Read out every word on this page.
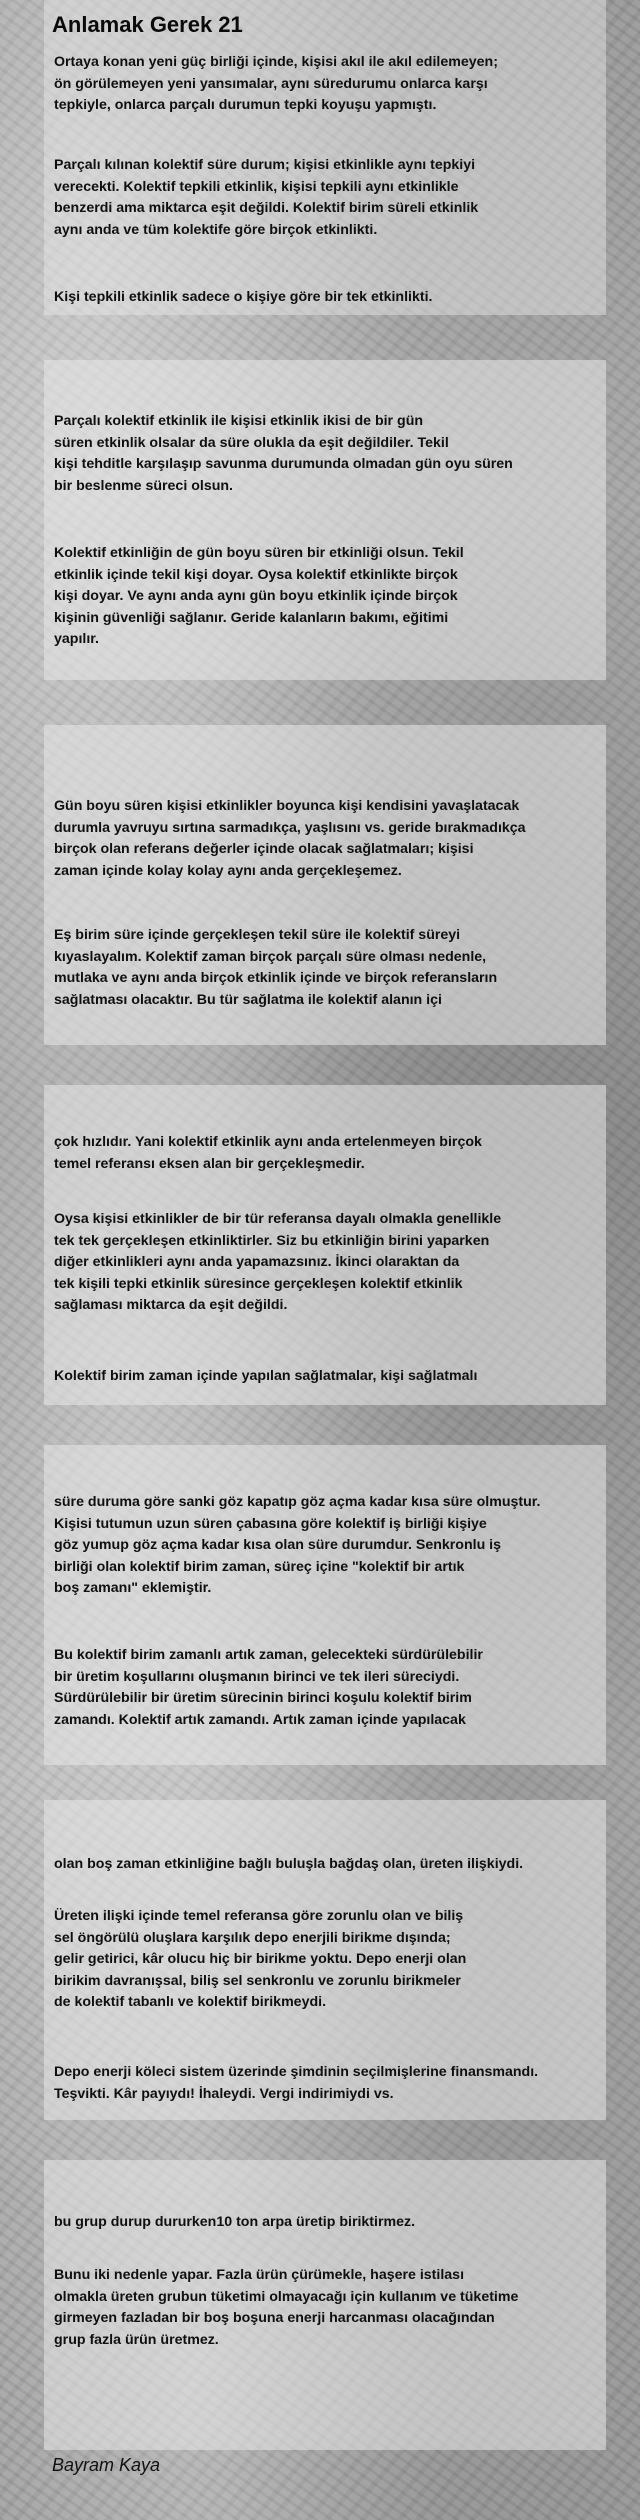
Anlamak Gerek 21

Ortaya konan yeni güç birliği içinde, kişisi akıl ile akıl edilemeyen;
ön görülemeyen yeni yansımalar, aynı süredurumu onlarca karşı
tepkiyle, onlarca parçalı durumun tepki koyuşu yapmıştı.

Parçalı kılınan kolektif süre durum; kişisi etkinlikle aynı tepkiyi
verecekti. Kolektif tepkili etkinlik, kişisi tepkili aynı etkinlikle
benzerdi ama miktarca eşit değildi. Kolektif birim süreli etkinlik
aynı anda ve tüm kolektife göre birçok etkinlikti.

Kişi tepkili etkinlik sadece o kişiye göre bir tek etkinlikti.

Parçalı kolektif etkinlik ile kişisi etkinlik ikisi de bir gün
süren etkinlik olsalar da süre olukla da eşit değildiler. Tekil
kişi tehditle karşılaşıp savunma durumunda olmadan gün oyu süren
bir beslenme süreci olsun.

Kolektif etkinliğin de gün boyu süren bir etkinliği olsun. Tekil
etkinlik içinde tekil kişi doyar. Oysa kolektif etkinlikte birçok
kişi doyar. Ve aynı anda aynı gün boyu etkinlik içinde birçok
kişinin güvenliği sağlanır. Geride kalanların bakımı, eğitimi
yapılır.

Gün boyu süren kişisi etkinlikler boyunca kişi kendisini yavaşlatacak
durumla yavruyu sırtına sarmadıkça, yaşlısını vs. geride bırakmadıkça
birçok olan referans değerler içinde olacak sağlatmaları; kişisi
zaman içinde kolay kolay aynı anda gerçekleşemez.

Eş birim süre içinde gerçekleşen tekil süre ile kolektif süreyi
kıyaslayalım. Kolektif zaman birçok parçalı süre olması nedenle,
mutlaka ve aynı anda birçok etkinlik içinde ve birçok referansların
sağlatması olacaktır. Bu tür sağlatma ile kolektif alanın içi

çok hızlıdır. Yani kolektif etkinlik aynı anda ertelenmeyen birçok
temel referansı eksen alan bir gerçekleşmedir.

Oysa kişisi etkinlikler de bir tür referansa dayalı olmakla genellikle
tek tek gerçekleşen etkinliktirler. Siz bu etkinliğin birini yaparken
diğer etkinlikleri aynı anda yapamazsınız. İkinci olaraktan da
tek kişili tepki etkinlik süresince gerçekleşen kolektif etkinlik
sağlaması miktarca da eşit değildi.

Kolektif birim zaman içinde yapılan sağlatmalar, kişi sağlatmalı

süre duruma göre sanki göz kapatıp göz açma kadar kısa süre olmuştur.
Kişisi tutumun uzun süren çabasına göre kolektif iş birliği kişiye
göz yumup göz açma kadar kısa olan süre durumdur. Senkronlu iş
birliği olan kolektif birim zaman, süreç içine "kolektif bir artık
boş zamanı" eklemiştir.

Bu kolektif birim zamanlı artık zaman, gelecekteki sürdürülebilir
bir üretim koşullarını oluşmanın birinci ve tek ileri süreciydi.
Sürdürülebilir bir üretim sürecinin birinci koşulu kolektif birim
zamandı. Kolektif artık zamandı. Artık zaman içinde yapılacak

olan boş zaman etkinliğine bağlı buluşla bağdaş olan, üreten ilişkiydi.

Üreten ilişki içinde temel referansa göre zorunlu olan ve biliş
sel öngörülü oluşlara karşılık depo enerjili birikme dışında;
gelir getirici, kâr olucu hiç bir birikme yoktu. Depo enerji olan
birikim davranışsal, biliş sel senkronlu ve zorunlu birikmeler
de kolektif tabanlı ve kolektif birikmeydi.

Depo enerji köleci sistem üzerinde şimdinin seçilmişlerine finansmandı.
Teşvikti. Kâr payıydı! İhaleydi. Vergi indirimiydi vs.

bu grup durup dururken10 ton arpa üretip biriktirmez.

Bunu iki nedenle yapar. Fazla ürün çürümekle, haşere istilası
olmakla üreten grubun tüketimi olmayacağı için kullanım ve tüketime
girmeyen fazladan bir boş boşuna enerji harcanması olacağından
grup fazla ürün üretmez.

Bayram Kaya
